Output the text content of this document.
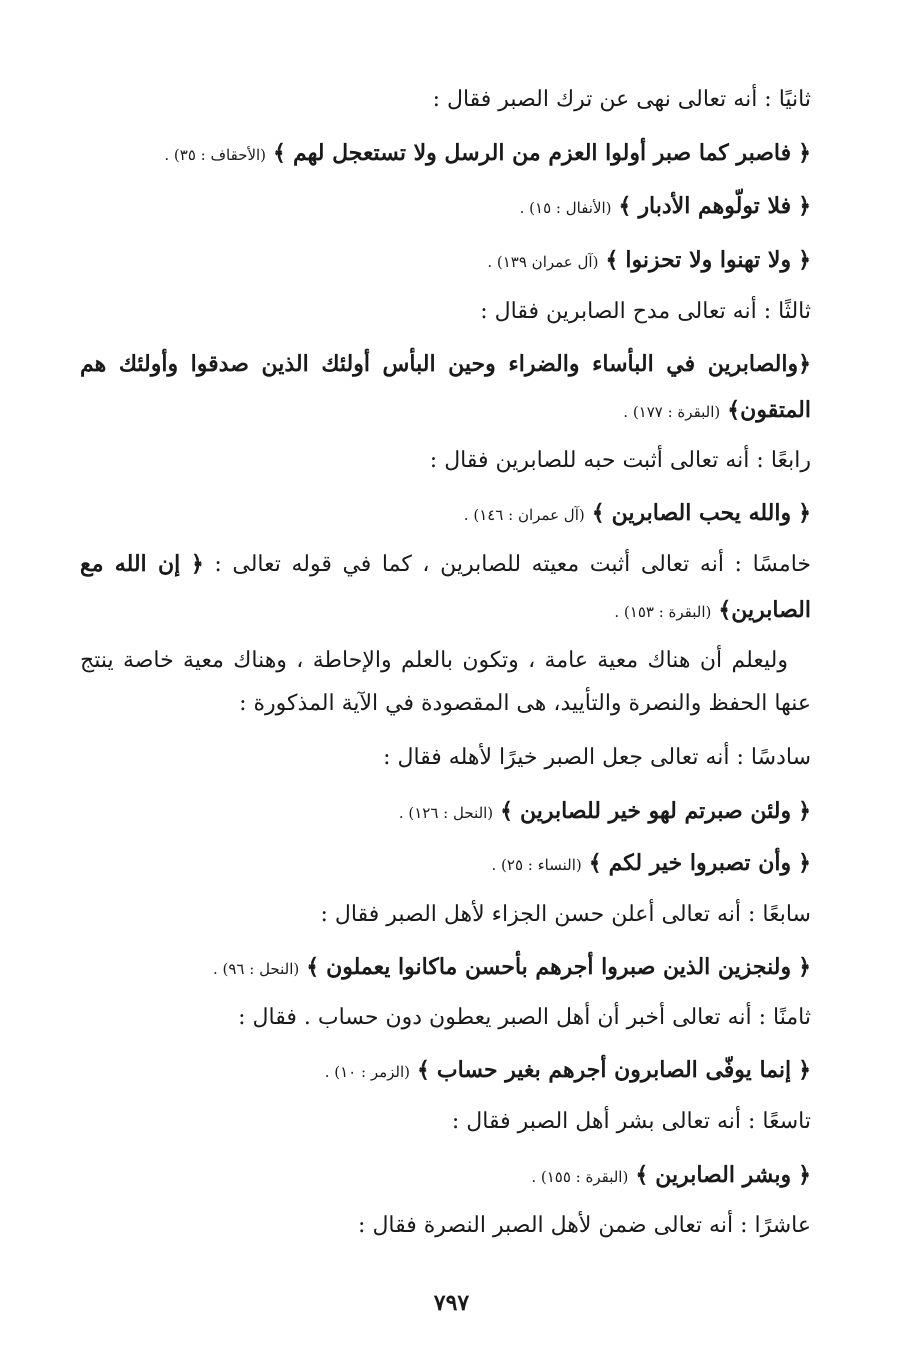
ثانيًا : أنه تعالى نهى عن ترك الصبر فقال :
﴿ فاصبر كما صبر أولوا العزم من الرسل ولا تستعجل لهم ﴾ (الأحقاف : ٣٥) .
﴿ فلا تولّوهم الأدبار ﴾ (الأنفال : ١٥) .
﴿ ولا تهنوا ولا تحزنوا ﴾ (آل عمران ١٣٩) .
ثالثًا : أنه تعالى مدح الصابرين فقال :
﴿والصابرين في البأساء والضراء وحين البأس أولئك الذين صدقوا وأولئك هم
المتقون﴾ (البقرة : ١٧٧) .
رابعًا : أنه تعالى أثبت حبه للصابرين فقال :
﴿ والله يحب الصابرين ﴾ (آل عمران : ١٤٦) .
خامسًا : أنه تعالى أثبت معيته للصابرين ، كما في قوله تعالى : ﴿ إن الله مع
الصابرين﴾ (البقرة : ١٥٣) .
وليعلم أن هناك معية عامة ، وتكون بالعلم والإحاطة ، وهناك معية خاصة ينتج
عنها الحفظ والنصرة والتأييد، هى المقصودة في الآية المذكورة :
سادسًا : أنه تعالى جعل الصبر خيرًا لأهله فقال :
﴿ ولئن صبرتم لهو خير للصابرين ﴾ (النحل : ١٢٦) .
﴿ وأن تصبروا خير لكم ﴾ (النساء : ٢٥) .
سابعًا : أنه تعالى أعلن حسن الجزاء لأهل الصبر فقال :
﴿ ولنجزين الذين صبروا أجرهم بأحسن ماكانوا يعملون ﴾ (النحل : ٩٦) .
ثامنًا : أنه تعالى أخبر أن أهل الصبر يعطون دون حساب . فقال :
﴿ إنما يوفّى الصابرون أجرهم بغير حساب ﴾ (الزمر : ١٠) .
تاسعًا : أنه تعالى بشر أهل الصبر فقال :
﴿ وبشر الصابرين ﴾ (البقرة : ١٥٥) .
عاشرًا : أنه تعالى ضمن لأهل الصبر النصرة فقال :
٧٩٧
